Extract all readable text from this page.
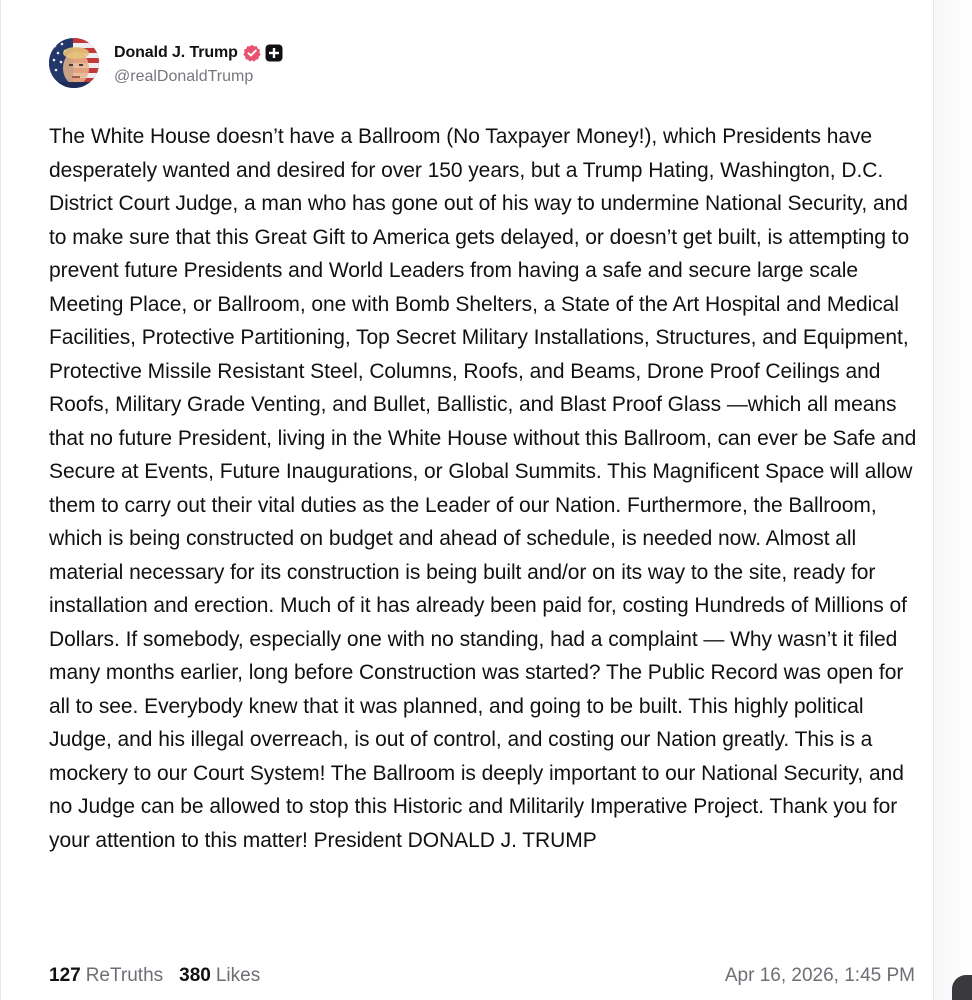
Donald J. Trump
@realDonaldTrump
The White House doesn’t have a Ballroom (No Taxpayer Money!), which Presidents have desperately wanted and desired for over 150 years, but a Trump Hating, Washington, D.C. District Court Judge, a man who has gone out of his way to undermine National Security, and to make sure that this Great Gift to America gets delayed, or doesn’t get built, is attempting to prevent future Presidents and World Leaders from having a safe and secure large scale Meeting Place, or Ballroom, one with Bomb Shelters, a State of the Art Hospital and Medical Facilities, Protective Partitioning, Top Secret Military Installations, Structures, and Equipment, Protective Missile Resistant Steel, Columns, Roofs, and Beams, Drone Proof Ceilings and Roofs, Military Grade Venting, and Bullet, Ballistic, and Blast Proof Glass —which all means that no future President, living in the White House without this Ballroom, can ever be Safe and Secure at Events, Future Inaugurations, or Global Summits. This Magnificent Space will allow them to carry out their vital duties as the Leader of our Nation. Furthermore, the Ballroom, which is being constructed on budget and ahead of schedule, is needed now. Almost all material necessary for its construction is being built and/or on its way to the site, ready for installation and erection. Much of it has already been paid for, costing Hundreds of Millions of Dollars. If somebody, especially one with no standing, had a complaint — Why wasn’t it filed many months earlier, long before Construction was started? The Public Record was open for all to see. Everybody knew that it was planned, and going to be built. This highly political Judge, and his illegal overreach, is out of control, and costing our Nation greatly. This is a mockery to our Court System! The Ballroom is deeply important to our National Security, and no Judge can be allowed to stop this Historic and Militarily Imperative Project. Thank you for your attention to this matter! President DONALD J. TRUMP
127 ReTruths 380 Likes	Apr 16, 2026, 1:45 PM
